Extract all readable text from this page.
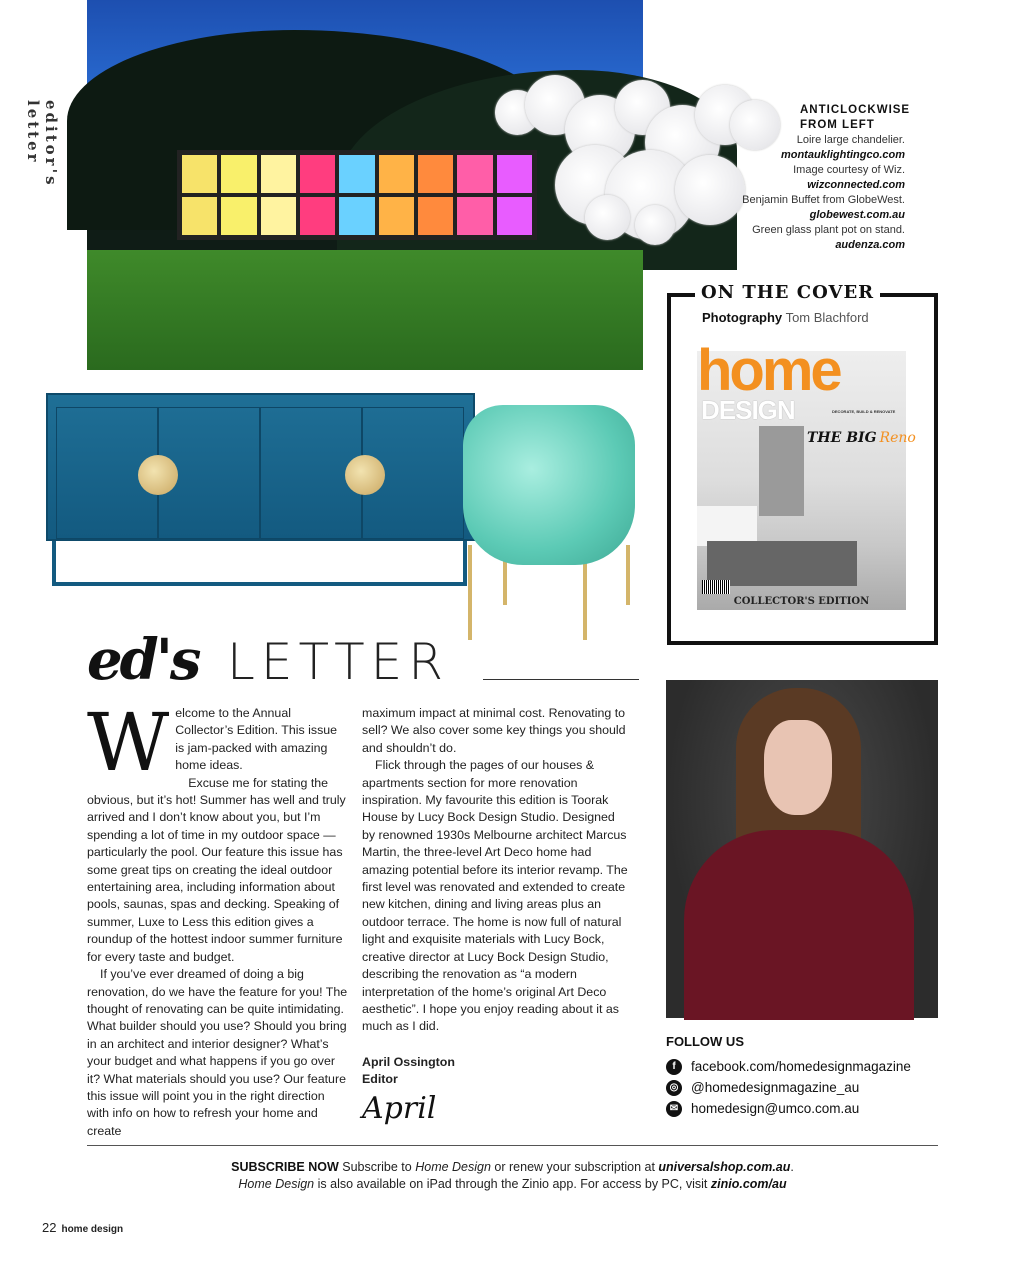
editor's letter	ANTICLOCKWISE FROM LEFT
Loire large chandelier.
montauklightingco.com
Image courtesy of Wiz.
wizconnected.com
Benjamin Buffet from GlobeWest.
globewest.com.au
Green glass plant pot on stand.
audenza.com
ON THE COVER
Photography Tom Blachford
home
DESIGN	DECORATE, BUILD & RENOVATE
THE BIG Reno
COLLECTOR'S EDITION
ed's LETTER
W elcome to the Annual Collector’s Edition. This issue is jam-packed with amazing home ideas.

Excuse me for stating the obvious, but it’s hot! Summer has well and truly arrived and I don’t know about you, but I’m spending a lot of time in my outdoor space — particularly the pool. Our feature this issue has some great tips on creating the ideal outdoor entertaining area, including information about pools, saunas, spas and decking. Speaking of summer, Luxe to Less this edition gives a roundup of the hottest indoor summer furniture for every taste and budget.

If you’ve ever dreamed of doing a big renovation, do we have the feature for you! The thought of renovating can be quite intimidating. What builder should you use? Should you bring in an architect and interior designer? What’s your budget and what happens if you go over it? What materials should you use? Our feature this issue will point you in the right direction with info on how to refresh your home and create

maximum impact at minimal cost. Renovating to sell? We also cover some key things you should and shouldn’t do.

Flick through the pages of our houses & apartments section for more renovation inspiration. My favourite this edition is Toorak House by Lucy Bock Design Studio. Designed by renowned 1930s Melbourne architect Marcus Martin, the three-level Art Deco home had amazing potential before its interior revamp. The first level was renovated and extended to create new kitchen, dining and living areas plus an outdoor terrace. The home is now full of natural light and exquisite materials with Lucy Bock, creative director at Lucy Bock Design Studio, describing the renovation as “a modern interpretation of the home’s original Art Deco aesthetic”. I hope you enjoy reading about it as much as I did.

April Ossington
Editor
April
FOLLOW US
f	facebook.com/homedesignmagazine
◎ @homedesignmagazine_au
✉ homedesign@umco.com.au
SUBSCRIBE NOW Subscribe to Home Design or renew your subscription at universalshop.com.au.
Home Design is also available on iPad through the Zinio app. For access by PC, visit zinio.com/au
22 home design
